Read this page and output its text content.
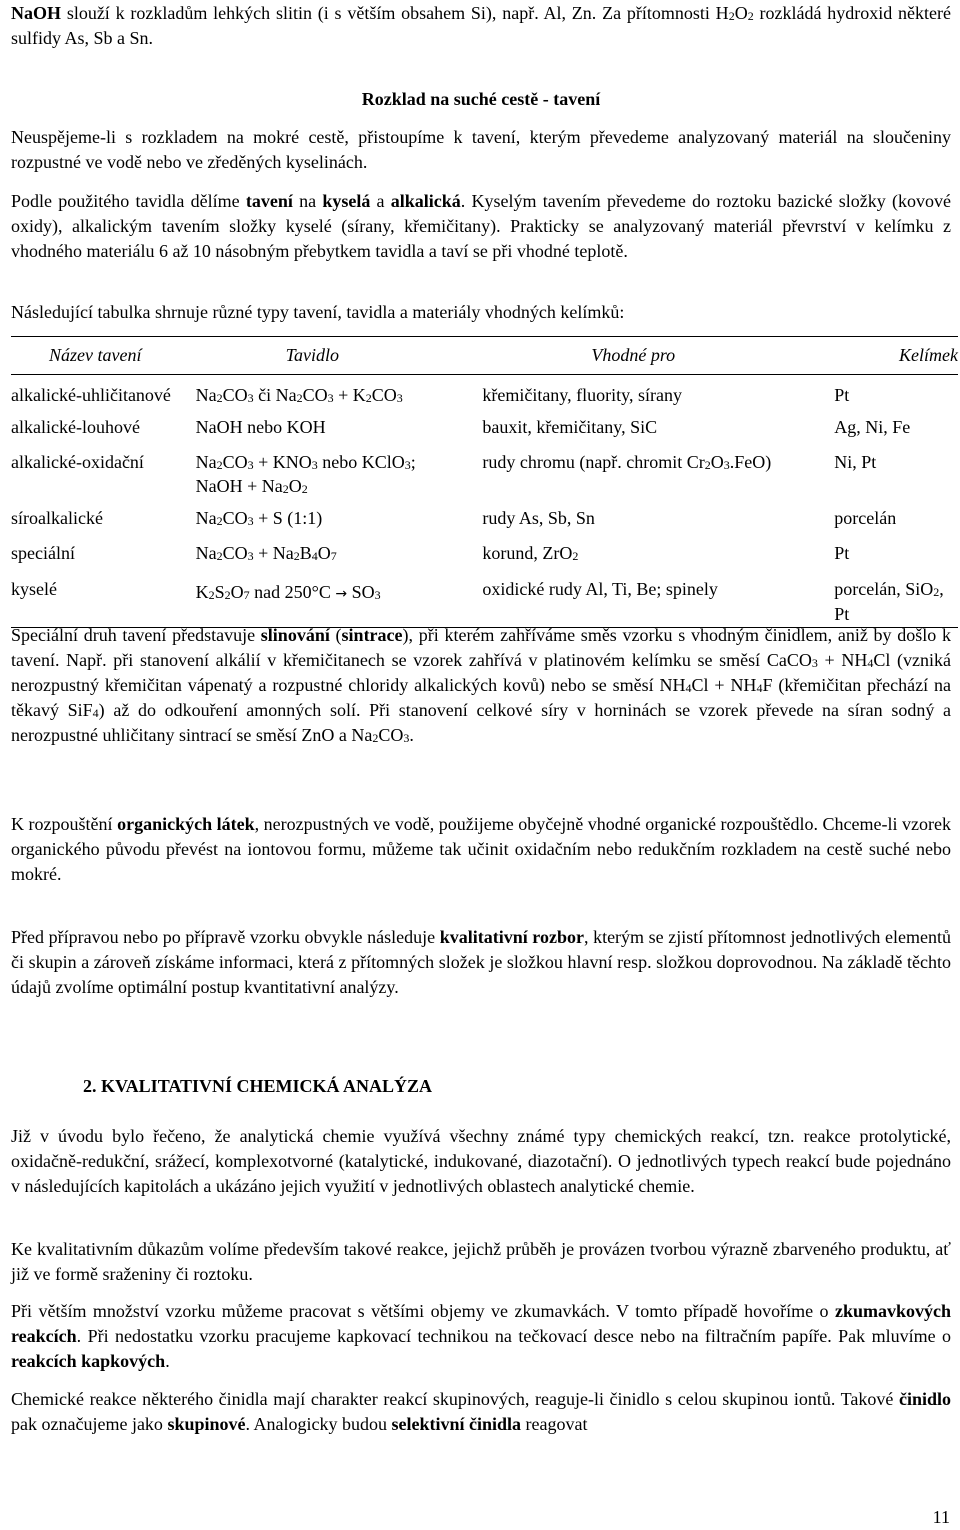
NaOH slouží k rozkladům lehkých slitin (i s větším obsahem Si), např. Al, Zn. Za přítomnosti $H_2O_2$ rozkládá hydroxid některé sulfidy As, Sb a Sn.

Rozklad na suché cestě - tavení

Neuspějeme-li s rozkladem na mokré cestě, přistoupíme k tavení, kterým převedeme analyzovaný materiál na sloučeniny rozpustné ve vodě nebo ve zředěných kyselinách.

Podle použitého tavidla dělíme tavení na kyselá a alkalická. Kyselým tavením převedeme do roztoku bazické složky (kovové oxidy), alkalickým tavením složky kyselé (sírany, křemičitany). Prakticky se analyzovaný materiál převrství v kelímku z vhodného materiálu 6 až 10 násobným přebytkem tavidla a taví se při vhodné teplotě.

Následující tabulka shrnuje různé typy tavení, tavidla a materiály vhodných kelímků:

Název tavení	Tavidlo	Vhodné pro	Kelímek
alkalické-uhličitanové	$Na_2CO_3$ či $Na_2CO_3 + K_2CO_3$	křemičitany, fluority, sírany	Pt
alkalické-louhové	NaOH nebo KOH	bauxit, křemičitany, SiC	Ag, Ni, Fe
alkalické-oxidační	$Na_2CO_3 + KNO_3$ nebo KClO$_3$;
NaOH + $Na_2O_2$	rudy chromu (např. chromit $Cr_2O_3.FeO$)	Ni, Pt
síroalkalické	$Na_2CO_3 + S$ (1:1)	rudy As, Sb, Sn	porcelán
speciální	$Na_2CO_3 + Na_2B_4O_7$	korund, ZrO$_2$	Pt
kyselé	$K_2S_2O_7$ nad $250^\circ C \to SO_3$	oxidické rudy Al, Ti, Be; spinely	porcelán, SiO$_2$, Pt

Speciální druh tavení představuje slinování (sintrace), při kterém zahříváme směs vzorku s vhodným činidlem, aniž by došlo k tavení. Např. při stanovení alkálií v křemičitanech se vzorek zahřívá v platinovém kelímku se směsí CaCO$_3$ + $NH_4Cl$ (vzniká nerozpustný křemičitan vápenatý a rozpustné chloridy alkalických kovů) nebo se směsí $NH_4Cl + NH_4F$ (křemičitan přechází na těkavý SiF$_4$) až do odkouření amonných solí. Při stanovení celkové síry v horninách se vzorek převede na síran sodný a nerozpustné uhličitany sintrací se směsí ZnO a $Na_2CO_3$.

K rozpouštění organických látek, nerozpustných ve vodě, použijeme obyčejně vhodné organické rozpouštědlo. Chceme-li vzorek organického původu převést na iontovou formu, můžeme tak učinit oxidačním nebo redukčním rozkladem na cestě suché nebo mokré.

Před přípravou nebo po přípravě vzorku obvykle následuje kvalitativní rozbor, kterým se zjistí přítomnost jednotlivých elementů či skupin a zároveň získáme informaci, která z přítomných složek je složkou hlavní resp. složkou doprovodnou. Na základě těchto údajů zvolíme optimální postup kvantitativní analýzy.

2. KVALITATIVNÍ CHEMICKÁ ANALÝZA

Již v úvodu bylo řečeno, že analytická chemie využívá všechny známé typy chemických reakcí, tzn. reakce protolytické, oxidačně-redukční, srážecí, komplexotvorné (katalytické, indukované, diazotační). O jednotlivých typech reakcí bude pojednáno v následujících kapitolách a ukázáno jejich využití v jednotlivých oblastech analytické chemie.

Ke kvalitativním důkazům volíme především takové reakce, jejichž průběh je provázen tvorbou výrazně zbarveného produktu, ať již ve formě sraženiny či roztoku.

Při větším množství vzorku můžeme pracovat s většími objemy ve zkumavkách. V tomto případě hovoříme o zkumavkových reakcích. Při nedostatku vzorku pracujeme kapkovací technikou na tečkovací desce nebo na filtračním papíře. Pak mluvíme o reakcích kapkových.

Chemické reakce některého činidla mají charakter reakcí skupinových, reaguje-li činidlo s celou skupinou iontů. Takové činidlo pak označujeme jako skupinové. Analogicky budou selektivní činidla reagovat

11
